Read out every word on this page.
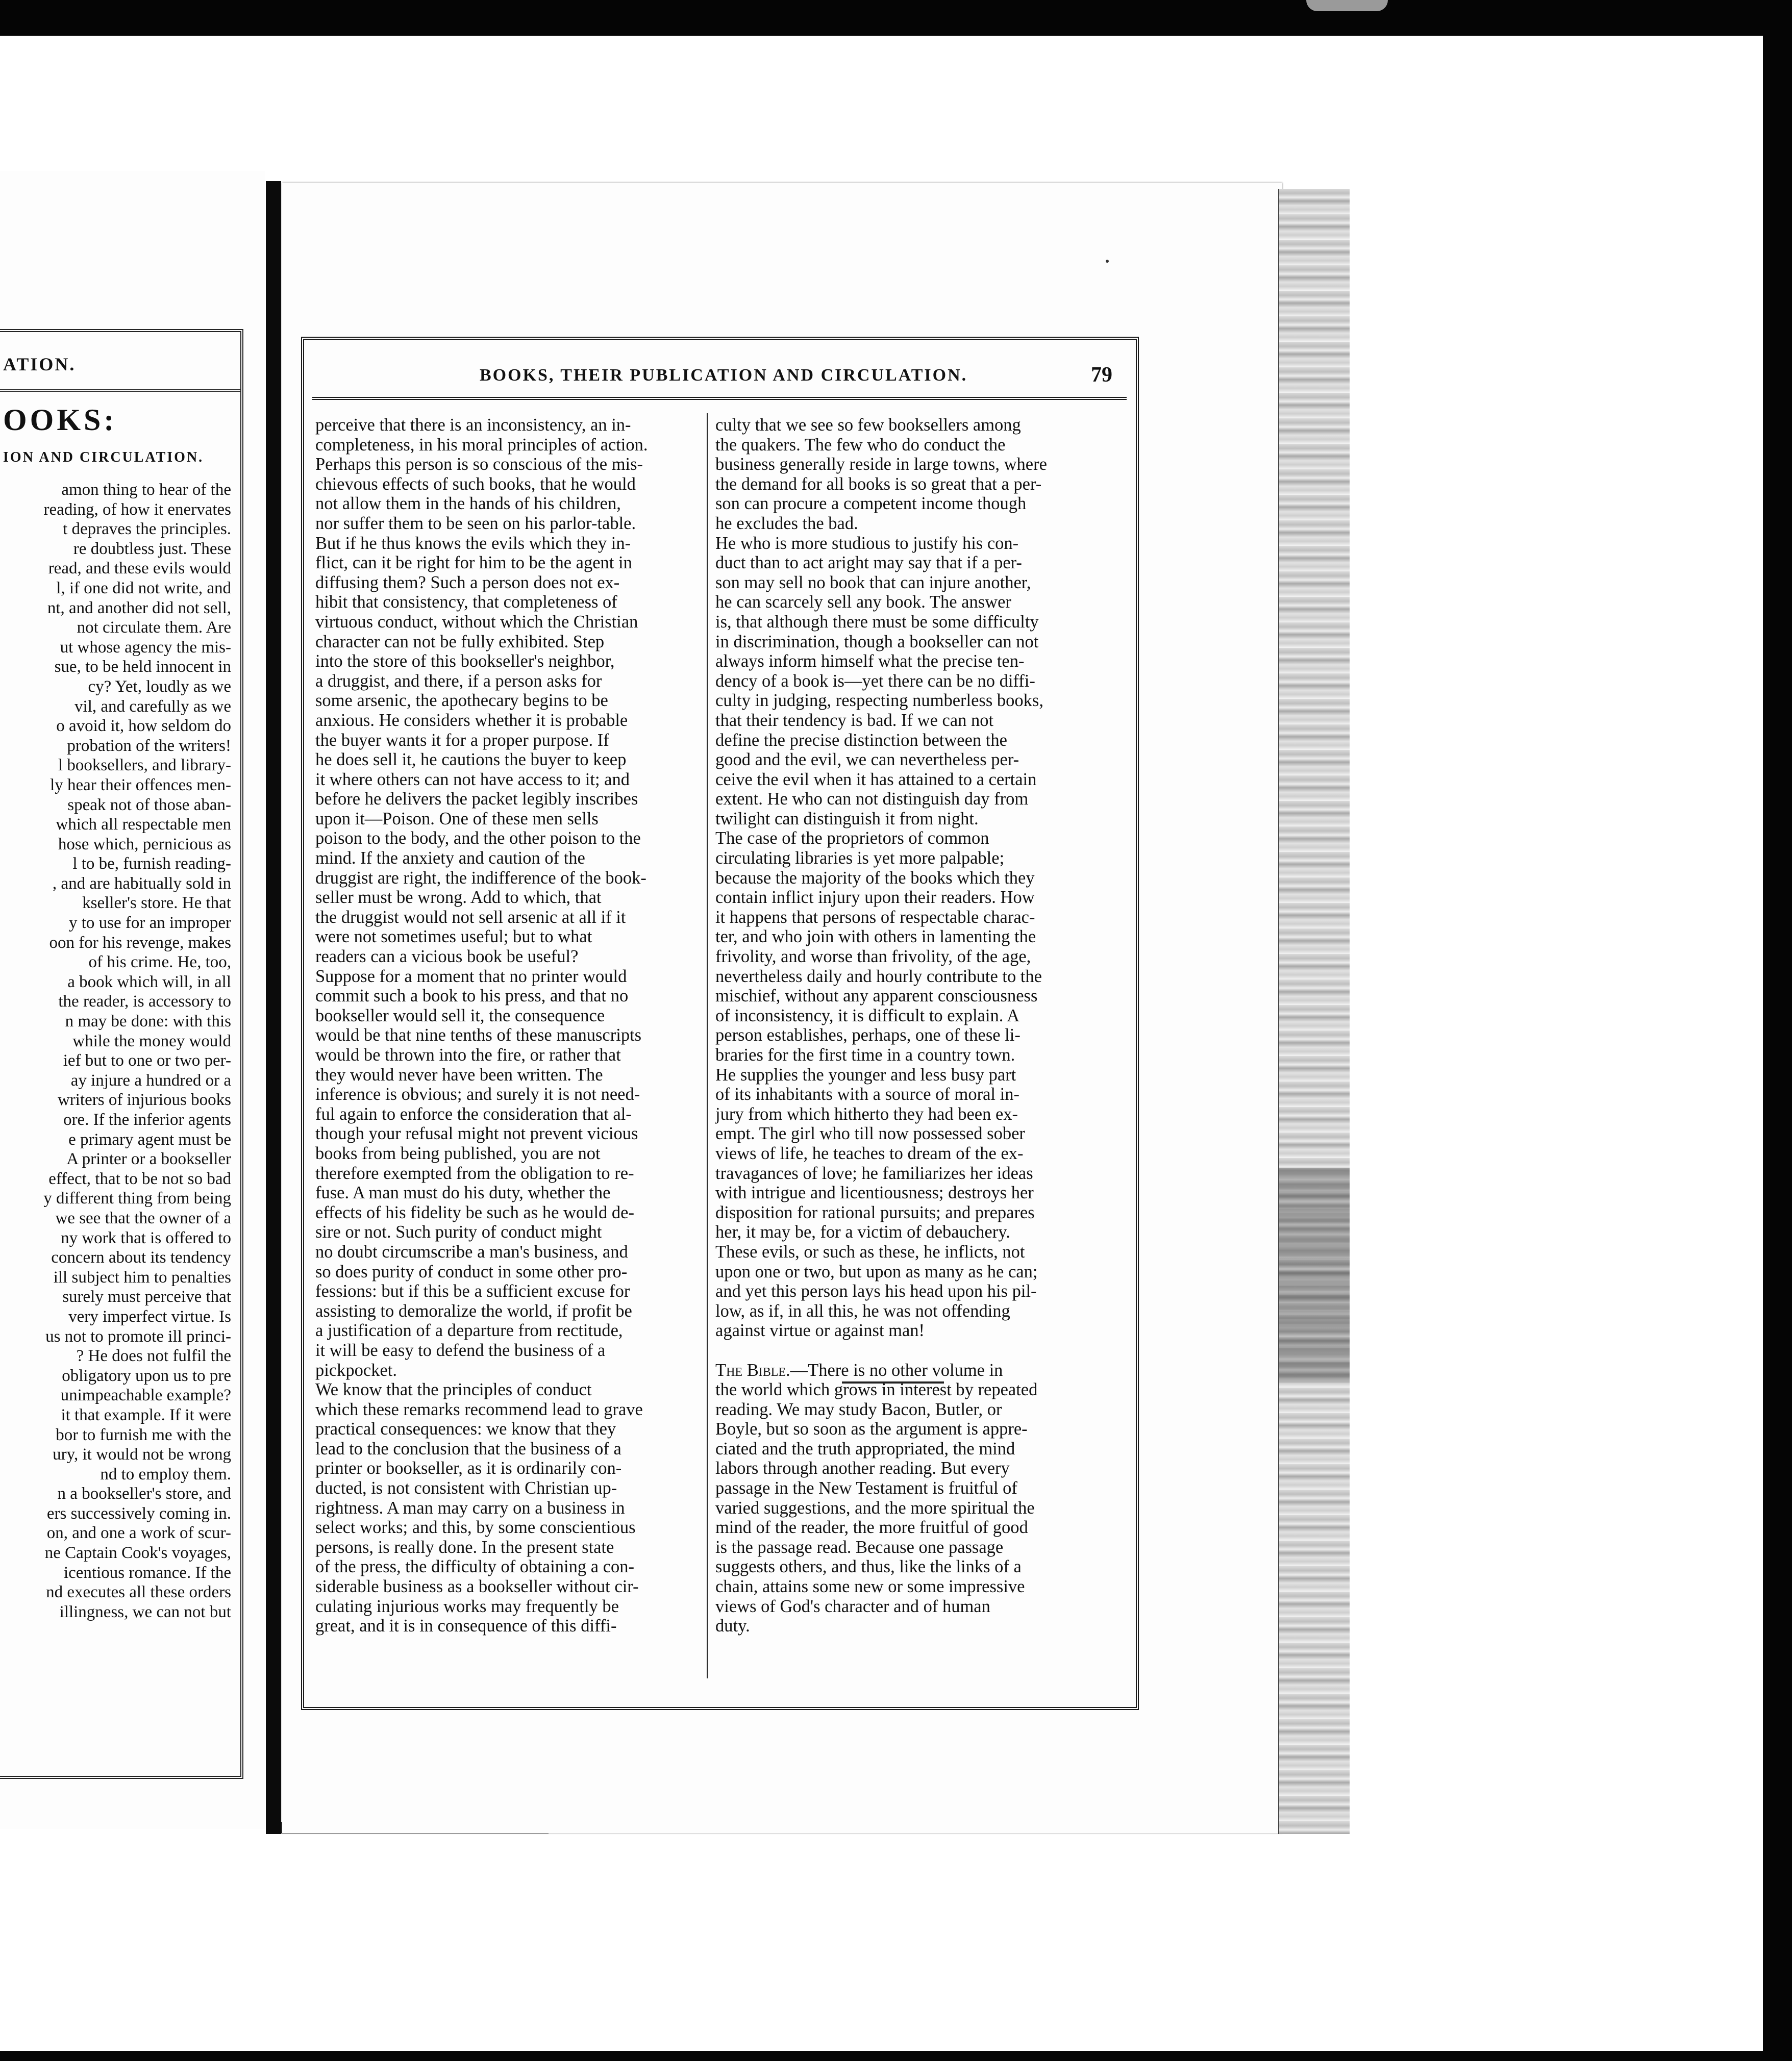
ATION.
OOKS:
ION AND CIRCULATION.
amon thing to hear of the
reading, of how it enervates
t depraves the principles.
re doubtless just. These
read, and these evils would
l, if one did not write, and
nt, and another did not sell,
not circulate them. Are
ut whose agency the mis-
sue, to be held innocent in
cy? Yet, loudly as we
vil, and carefully as we
o avoid it, how seldom do
probation of the writers!
l booksellers, and library-
ly hear their offences men-
speak not of those aban-
which all respectable men
hose which, pernicious as
l to be, furnish reading-
, and are habitually sold in
kseller's store. He that
y to use for an improper
oon for his revenge, makes
of his crime. He, too,
a book which will, in all
the reader, is accessory to
n may be done: with this
while the money would
ief but to one or two per-
ay injure a hundred or a
writers of injurious books
ore. If the inferior agents
e primary agent must be
A printer or a bookseller
effect, that to be not so bad
y different thing from being
we see that the owner of a
ny work that is offered to
concern about its tendency
ill subject him to penalties
surely must perceive that
very imperfect virtue. Is
us not to promote ill princi-
? He does not fulfil the
obligatory upon us to pre
unimpeachable example?
it that example. If it were
bor to furnish me with the
ury, it would not be wrong
nd to employ them.
n a bookseller's store, and
ers successively coming in.
on, and one a work of scur-
ne Captain Cook's voyages,
icentious romance. If the
nd executes all these orders
illingness, we can not but
BOOKS, THEIR PUBLICATION AND CIRCULATION.	79
perceive that there is an inconsistency, an in-
completeness, in his moral principles of action.
Perhaps this person is so conscious of the mis-
chievous effects of such books, that he would
not allow them in the hands of his children,
nor suffer them to be seen on his parlor-table.
But if he thus knows the evils which they in-
flict, can it be right for him to be the agent in
diffusing them? Such a person does not ex-
hibit that consistency, that completeness of
virtuous conduct, without which the Christian
character can not be fully exhibited. Step
into the store of this bookseller's neighbor,
a druggist, and there, if a person asks for
some arsenic, the apothecary begins to be
anxious. He considers whether it is probable
the buyer wants it for a proper purpose. If
he does sell it, he cautions the buyer to keep
it where others can not have access to it; and
before he delivers the packet legibly inscribes
upon it—Poison. One of these men sells
poison to the body, and the other poison to the
mind. If the anxiety and caution of the
druggist are right, the indifference of the book-
seller must be wrong. Add to which, that
the druggist would not sell arsenic at all if it
were not sometimes useful; but to what
readers can a vicious book be useful?
Suppose for a moment that no printer would
commit such a book to his press, and that no
bookseller would sell it, the consequence
would be that nine tenths of these manuscripts
would be thrown into the fire, or rather that
they would never have been written. The
inference is obvious; and surely it is not need-
ful again to enforce the consideration that al-
though your refusal might not prevent vicious
books from being published, you are not
therefore exempted from the obligation to re-
fuse. A man must do his duty, whether the
effects of his fidelity be such as he would de-
sire or not. Such purity of conduct might
no doubt circumscribe a man's business, and
so does purity of conduct in some other pro-
fessions: but if this be a sufficient excuse for
assisting to demoralize the world, if profit be
a justification of a departure from rectitude,
it will be easy to defend the business of a
pickpocket.
We know that the principles of conduct
which these remarks recommend lead to grave
practical consequences: we know that they
lead to the conclusion that the business of a
printer or bookseller, as it is ordinarily con-
ducted, is not consistent with Christian up-
rightness. A man may carry on a business in
select works; and this, by some conscientious
persons, is really done. In the present state
of the press, the difficulty of obtaining a con-
siderable business as a bookseller without cir-
culating injurious works may frequently be
great, and it is in consequence of this diffi-
culty that we see so few booksellers among
the quakers. The few who do conduct the
business generally reside in large towns, where
the demand for all books is so great that a per-
son can procure a competent income though
he excludes the bad.
He who is more studious to justify his con-
duct than to act aright may say that if a per-
son may sell no book that can injure another,
he can scarcely sell any book. The answer
is, that although there must be some difficulty
in discrimination, though a bookseller can not
always inform himself what the precise ten-
dency of a book is—yet there can be no diffi-
culty in judging, respecting numberless books,
that their tendency is bad. If we can not
define the precise distinction between the
good and the evil, we can nevertheless per-
ceive the evil when it has attained to a certain
extent. He who can not distinguish day from
twilight can distinguish it from night.
The case of the proprietors of common
circulating libraries is yet more palpable;
because the majority of the books which they
contain inflict injury upon their readers. How
it happens that persons of respectable charac-
ter, and who join with others in lamenting the
frivolity, and worse than frivolity, of the age,
nevertheless daily and hourly contribute to the
mischief, without any apparent consciousness
of inconsistency, it is difficult to explain. A
person establishes, perhaps, one of these li-
braries for the first time in a country town.
He supplies the younger and less busy part
of its inhabitants with a source of moral in-
jury from which hitherto they had been ex-
empt. The girl who till now possessed sober
views of life, he teaches to dream of the ex-
travagances of love; he familiarizes her ideas
with intrigue and licentiousness; destroys her
disposition for rational pursuits; and prepares
her, it may be, for a victim of debauchery.
These evils, or such as these, he inflicts, not
upon one or two, but upon as many as he can;
and yet this person lays his head upon his pil-
low, as if, in all this, he was not offending
against virtue or against man!
The Bible.—There is no other volume in
the world which grows in interest by repeated
reading. We may study Bacon, Butler, or
Boyle, but so soon as the argument is appre-
ciated and the truth appropriated, the mind
labors through another reading. But every
passage in the New Testament is fruitful of
varied suggestions, and the more spiritual the
mind of the reader, the more fruitful of good
is the passage read. Because one passage
suggests others, and thus, like the links of a
chain, attains some new or some impressive
views of God's character and of human
duty.
